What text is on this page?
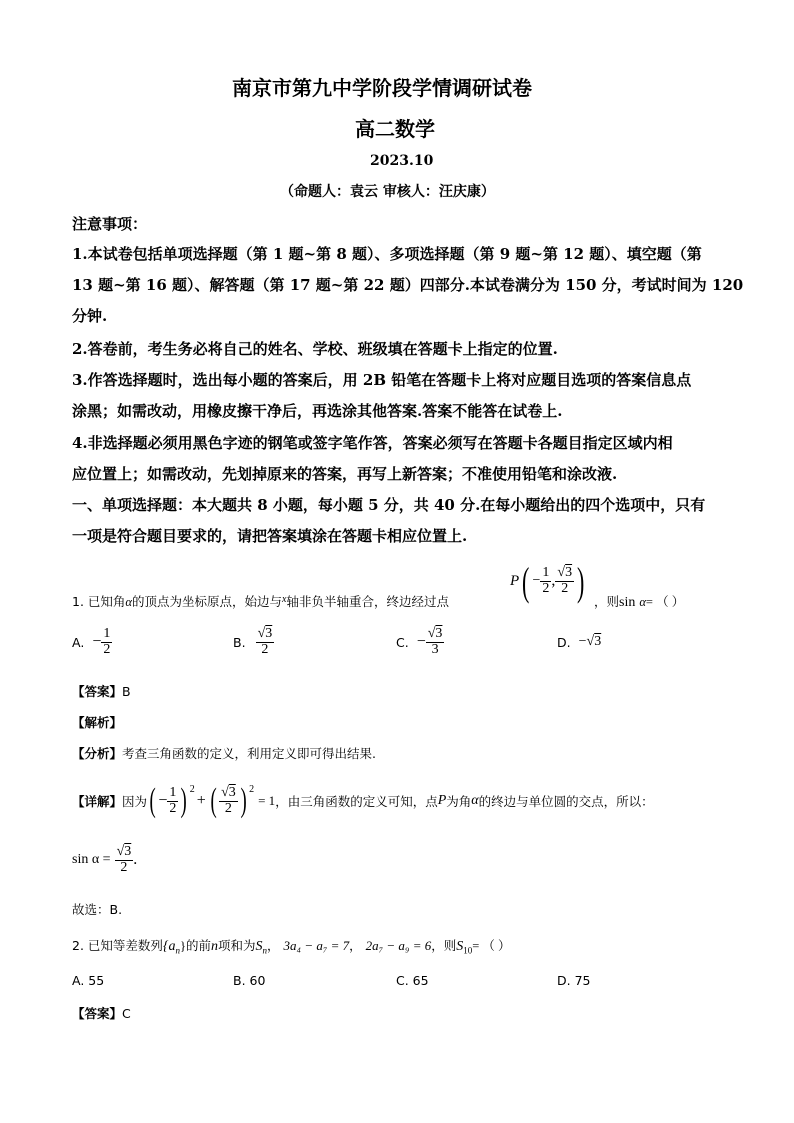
南京市第九中学阶段学情调研试卷
高二数学
2023.10
（命题人：袁云 审核人：汪庆康）
注意事项：
1.本试卷包括单项选择题（第 1 题~第 8 题）、多项选择题（第 9 题~第 12 题）、填空题（第
13 题~第 16 题）、解答题（第 17 题~第 22 题）四部分.本试卷满分为 150 分，考试时间为 120
分钟.
2.答卷前，考生务必将自己的姓名、学校、班级填在答题卡上指定的位置.
3.作答选择题时，选出每小题的答案后，用 2B 铅笔在答题卡上将对应题目选项的答案信息点
涂黑；如需改动，用橡皮擦干净后，再选涂其他答案.答案不能答在试卷上.
4.非选择题必须用黑色字迹的钢笔或签字笔作答，答案必须写在答题卡各题目指定区域内相
应位置上；如需改动，先划掉原来的答案，再写上新答案；不准使用铅笔和涂改液.
一、单项选择题：本大题共 8 小题，每小题 5 分，共 40 分.在每小题给出的四个选项中，只有
一项是符合题目要求的，请把答案填涂在答题卡相应位置上.
1. 已知角α的顶点为坐标原点，始边与$^x$轴非负半轴重合，终边经过点
P ( − $\frac{1}{2}$ , $\frac{√3}{2}$ ) ，则sin α= （ ）
A. − $\frac{1}{2}$	B. $\frac{√3}{2}$	C. − $\frac{√3}{3}$	D. − √3
【答案】B
【解析】
【分析】考查三角函数的定义，利用定义即可得出结果.
【详解】 因为 ( − $\frac{1}{2}$ ) $^2$
+ ( $\frac{√3}{2}$ ) $^2$
= 1 ，由三角函数的定义可知，点 P 为角 α 的终边与单位圆的交点，所以：
$\sin \alpha = \frac{√3}{2}$ .
故选：B.
2. 已知等差数列$\{a_n\}$的前n项和为$S_n$， 3a₄ − a₇ = 7， 2a₇ − a₉ = 6，则$S_{10}=$ （ ）
A. 55	B. 60	C. 65	D. 75
【答案】C
